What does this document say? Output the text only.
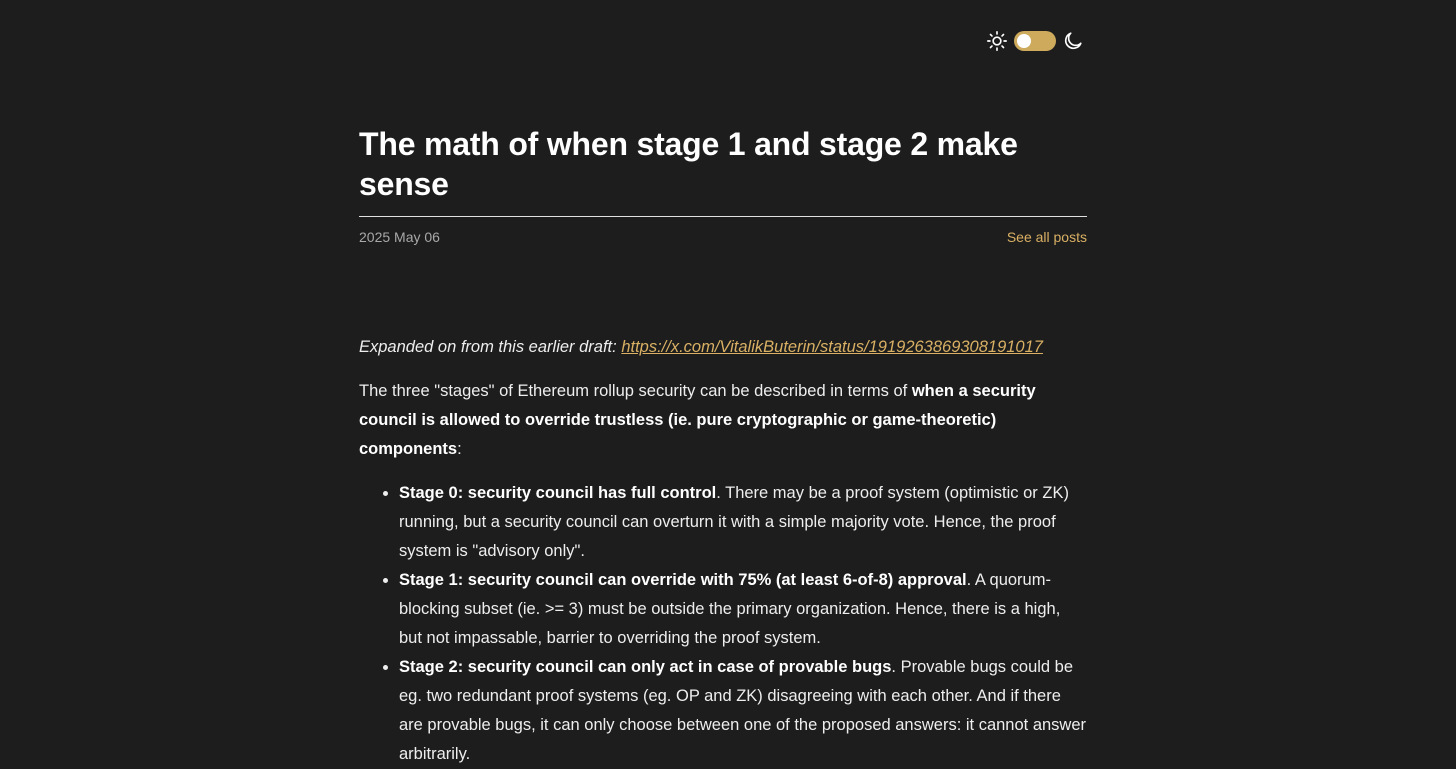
The math of when stage 1 and stage 2 make sense
2025 May 06	See all posts

Expanded on from this earlier draft: https://x.com/VitalikButerin/status/1919263869308191017

The three "stages" of Ethereum rollup security can be described in terms of when a security council is allowed to override trustless (ie. pure cryptographic or game-theoretic) components:

• Stage 0: security council has full control. There may be a proof system (optimistic or ZK) running, but a security council can overturn it with a simple majority vote. Hence, the proof system is "advisory only".
• Stage 1: security council can override with 75% (at least 6-of-8) approval. A quorum-blocking subset (ie. >= 3) must be outside the primary organization. Hence, there is a high, but not impassable, barrier to overriding the proof system.
• Stage 2: security council can only act in case of provable bugs. Provable bugs could be eg. two redundant proof systems (eg. OP and ZK) disagreeing with each other. And if there are provable bugs, it can only choose between one of the proposed answers: it cannot answer arbitrarily.
